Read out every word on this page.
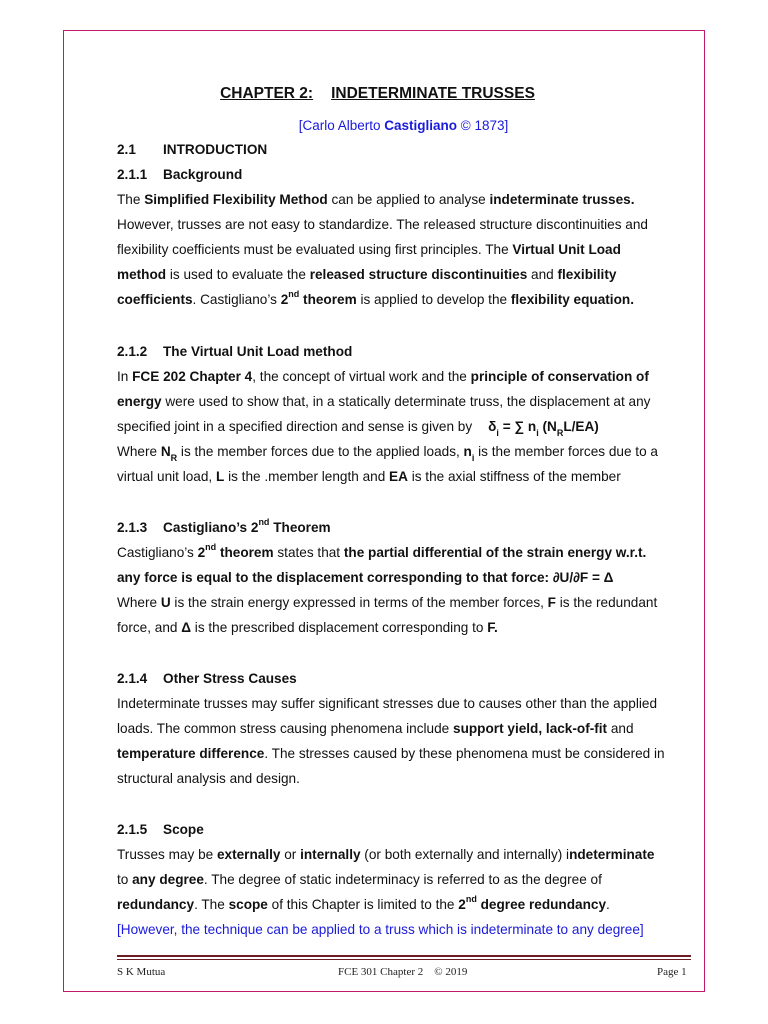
CHAPTER 2: INDETERMINATE TRUSSES
[Carlo Alberto Castigliano © 1873]
2.1 INTRODUCTION
2.1.1 Background
The Simplified Flexibility Method can be applied to analyse indeterminate trusses.
However, trusses are not easy to standardize. The released structure discontinuities and
flexibility coefficients must be evaluated using first principles. The Virtual Unit Load
method is used to evaluate the released structure discontinuities and flexibility
coefficients. Castigliano’s 2nd theorem is applied to develop the flexibility equation.
2.1.2 The Virtual Unit Load method
In FCE 202 Chapter 4, the concept of virtual work and the principle of conservation of
energy were used to show that, in a statically determinate truss, the displacement at any
specified joint in a specified direction and sense is given by $\delta_i$ = ∑ $n_i$ $(N_RL/EA)$
Where $N_R$ is the member forces due to the applied loads, $n_i$ is the member forces due to a
virtual unit load, L is the .member length and EA is the axial stiffness of the member
2.1.3 Castigliano’s 2nd Theorem
Castigliano’s 2nd theorem states that the partial differential of the strain energy w.r.t.
any force is equal to the displacement corresponding to that force: ∂U/∂F = Δ
Where U is the strain energy expressed in terms of the member forces, F is the redundant
force, and Δ is the prescribed displacement corresponding to F.
2.1.4 Other Stress Causes
Indeterminate trusses may suffer significant stresses due to causes other than the applied
loads. The common stress causing phenomena include support yield, lack-of-fit and
temperature difference. The stresses caused by these phenomena must be considered in
structural analysis and design.
2.1.5 Scope
Trusses may be externally or internally (or both externally and internally) indeterminate
to any degree. The degree of static indeterminacy is referred to as the degree of
redundancy. The scope of this Chapter is limited to the 2nd degree redundancy.
[However, the technique can be applied to a truss which is indeterminate to any degree]
S K Mutua	FCE 301 Chapter 2    © 2019	Page 1
